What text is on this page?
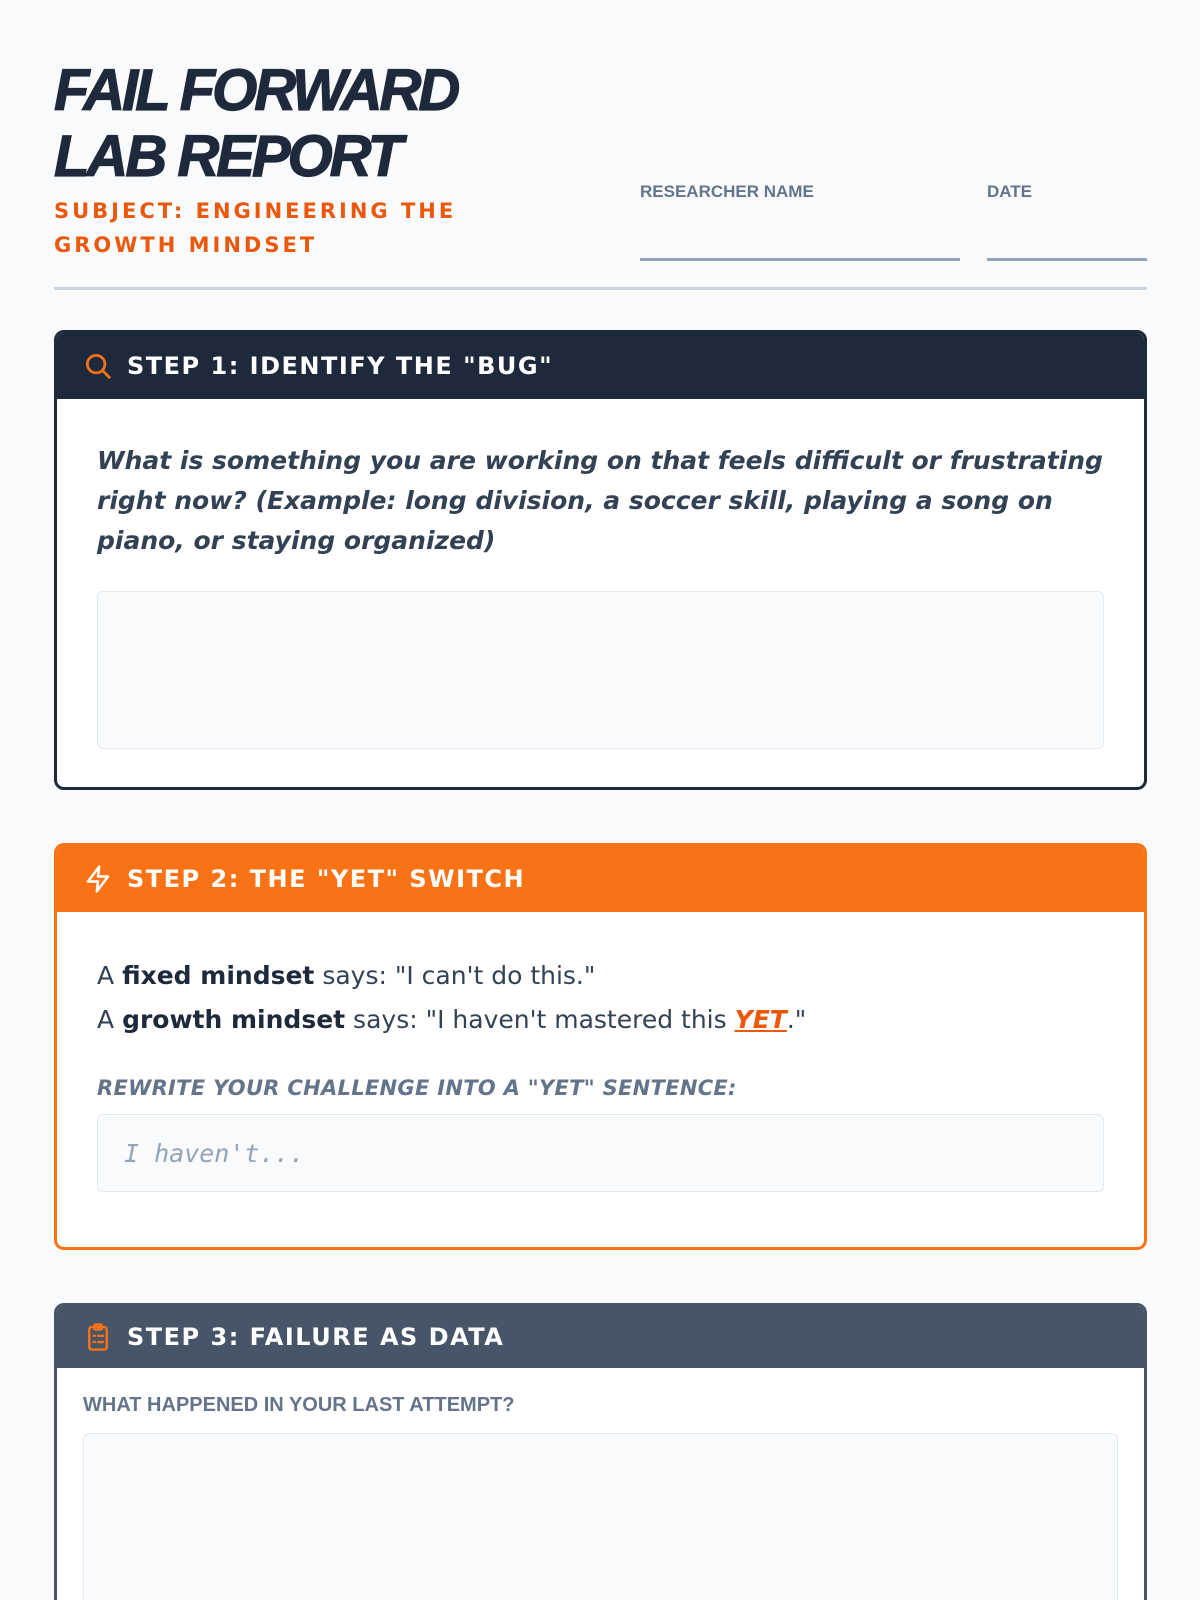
FAIL FORWARD
LAB REPORT
SUBJECT: ENGINEERING THE GROWTH MINDSET
RESEARCHER NAME	DATE
STEP 1: IDENTIFY THE "BUG"

What is something you are working on that feels difficult or frustrating right now? (Example: long division, a soccer skill, playing a song on piano, or staying organized)

STEP 2: THE "YET" SWITCH
A fixed mindset says: "I can't do this."
A growth mindset says: "I haven't mastered this YET."
REWRITE YOUR CHALLENGE INTO A "YET" SENTENCE:
I haven't...
STEP 3: FAILURE AS DATA
WHAT HAPPENED IN YOUR LAST ATTEMPT?
